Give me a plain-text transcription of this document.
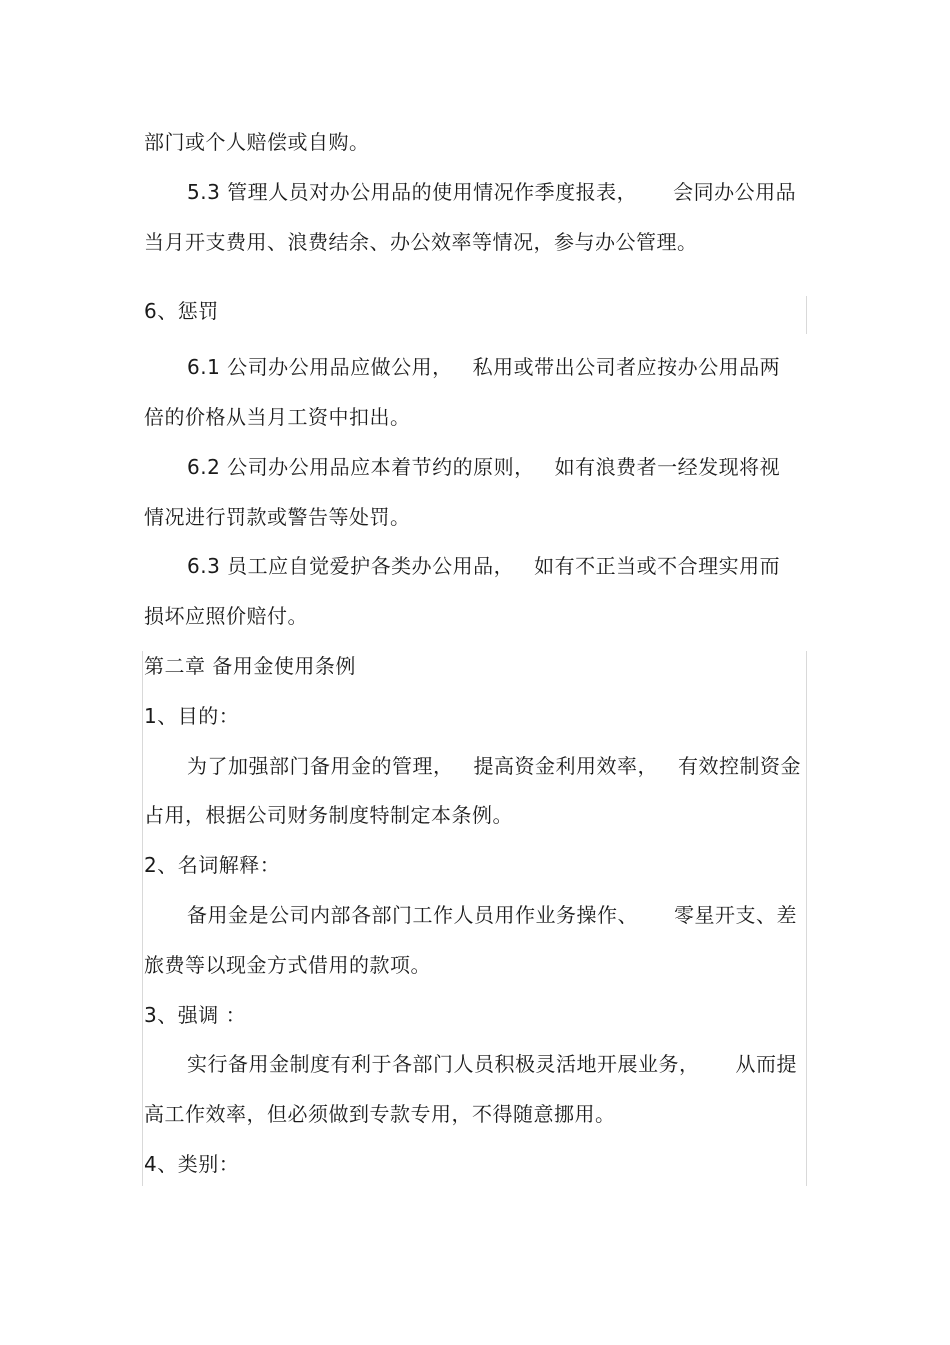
部门或个人赔偿或自购。
5.3 管理人员对办公用品的使用情况作季度报表， 会同办公用品
当月开支费用、浪费结余、办公效率等情况，参与办公管理。
6、惩罚
6.1 公司办公用品应做公用， 私用或带出公司者应按办公用品两
倍的价格从当月工资中扣出。
6.2 公司办公用品应本着节约的原则， 如有浪费者一经发现将视
情况进行罚款或警告等处罚。
6.3 员工应自觉爱护各类办公用品， 如有不正当或不合理实用而
损坏应照价赔付。
第二章 备用金使用条例
1、目的：
为了加强部门备用金的管理， 提高资金利用效率， 有效控制资金
占用，根据公司财务制度特制定本条例。
2、名词解释：
备用金是公司内部各部门工作人员用作业务操作、 零星开支、差
旅费等以现金方式借用的款项。
3、强调 ：
实行备用金制度有利于各部门人员积极灵活地开展业务， 从而提
高工作效率，但必须做到专款专用，不得随意挪用。
4、类别：
